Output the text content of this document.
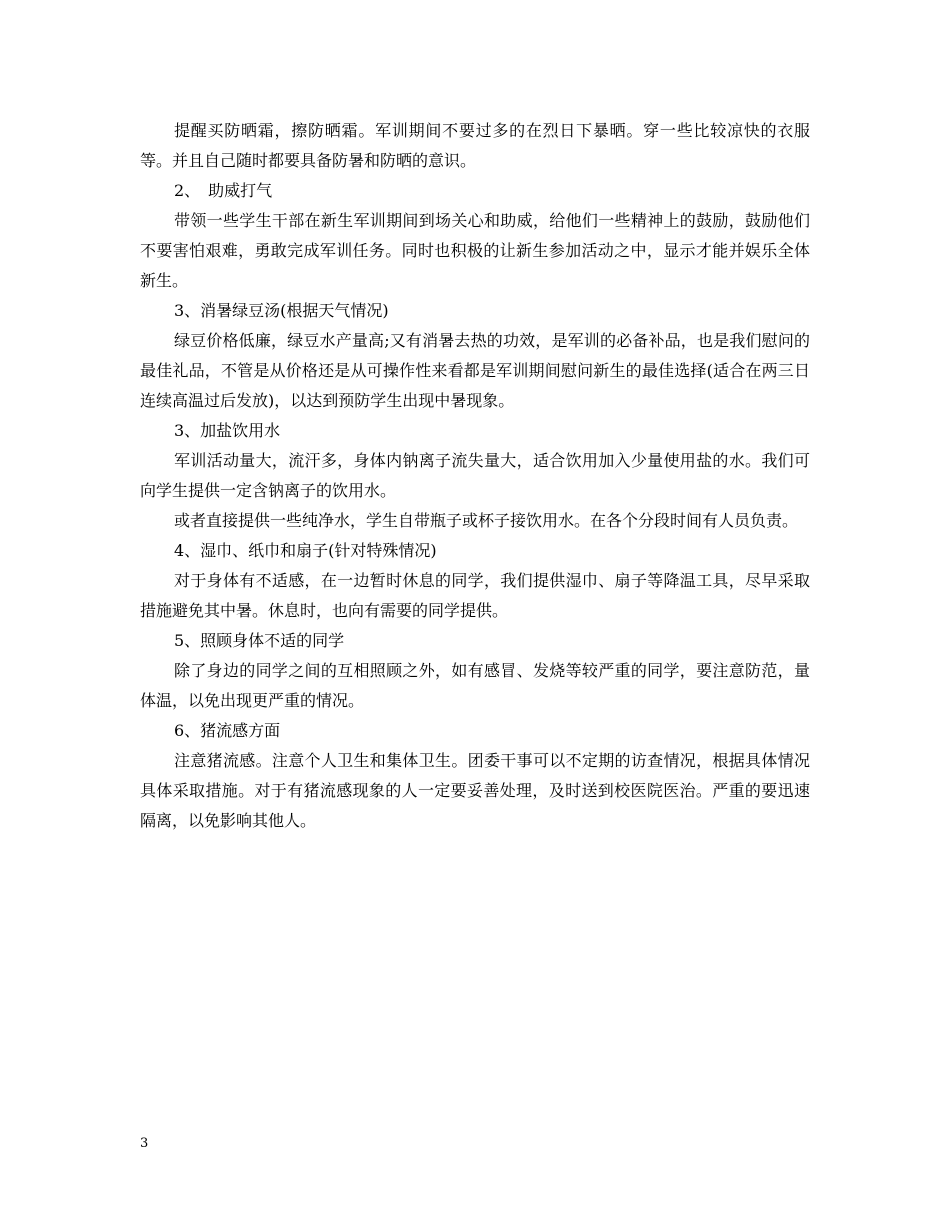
提醒买防晒霜，擦防晒霜。军训期间不要过多的在烈日下暴晒。穿一些比较凉快的衣服等。并且自己随时都要具备防暑和防晒的意识。

2、　助威打气

带领一些学生干部在新生军训期间到场关心和助威，给他们一些精神上的鼓励，鼓励他们不要害怕艰难，勇敢完成军训任务。同时也积极的让新生参加活动之中，显示才能并娱乐全体新生。

3、消暑绿豆汤(根据天气情况)

绿豆价格低廉，绿豆水产量高;又有消暑去热的功效，是军训的必备补品，也是我们慰问的最佳礼品，不管是从价格还是从可操作性来看都是军训期间慰问新生的最佳选择(适合在两三日连续高温过后发放)，以达到预防学生出现中暑现象。

3、加盐饮用水

军训活动量大，流汗多，身体内钠离子流失量大，适合饮用加入少量使用盐的水。我们可向学生提供一定含钠离子的饮用水。

或者直接提供一些纯净水，学生自带瓶子或杯子接饮用水。在各个分段时间有人员负责。

4、湿巾、纸巾和扇子(针对特殊情况)

对于身体有不适感，在一边暂时休息的同学，我们提供湿巾、扇子等降温工具，尽早采取措施避免其中暑。休息时，也向有需要的同学提供。

5、照顾身体不适的同学

除了身边的同学之间的互相照顾之外，如有感冒、发烧等较严重的同学，要注意防范，量体温，以免出现更严重的情况。

6、猪流感方面

注意猪流感。注意个人卫生和集体卫生。团委干事可以不定期的访查情况，根据具体情况具体采取措施。对于有猪流感现象的人一定要妥善处理，及时送到校医院医治。严重的要迅速隔离，以免影响其他人。

3
